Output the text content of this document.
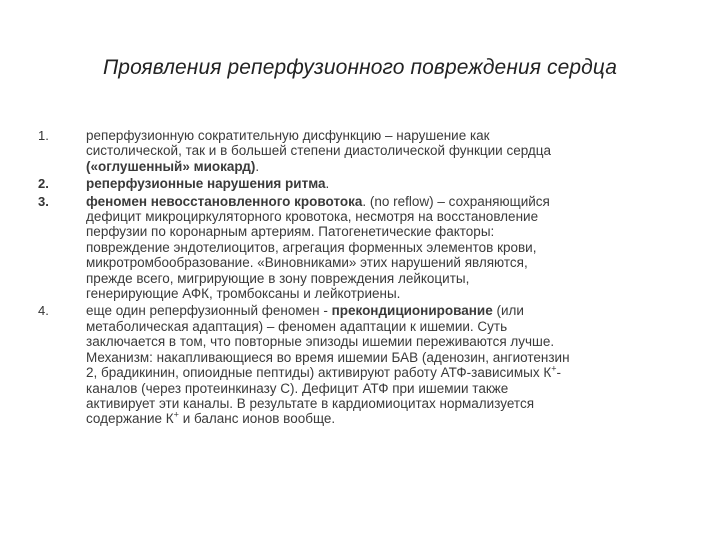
Проявления реперфузионного повреждения сердца
1.	реперфузионную сократительную дисфункцию – нарушение как
систолической, так и в большей степени диастолической функции сердца
(«оглушенный» миокард).
2.	реперфузионные нарушения ритма.
3.	феномен невосстановленного кровотока. (no reflow) – сохраняющийся
дефицит микроциркуляторного кровотока, несмотря на восстановление
перфузии по коронарным артериям. Патогенетические факторы:
повреждение эндотелиоцитов, агрегация форменных элементов крови,
микротромбообразование. «Виновниками» этих нарушений являются,
прежде всего, мигрирующие в зону повреждения лейкоциты,
генерирующие АФК, тромбоксаны и лейкотриены.
4.	еще один реперфузионный феномен - прекондиционирование (или
метаболическая адаптация) – феномен адаптации к ишемии. Суть
заключается в том, что повторные эпизоды ишемии переживаются лучше.
Механизм: накапливающиеся во время ишемии БАВ (аденозин, ангиотензин
2, брадикинин, опиоидные пептиды) активируют работу АТФ-зависимых К+-
каналов (через протеинкиназу С). Дефицит АТФ при ишемии также
активирует эти каналы. В результате в кардиомиоцитах нормализуется
содержание К+ и баланс ионов вообще.
